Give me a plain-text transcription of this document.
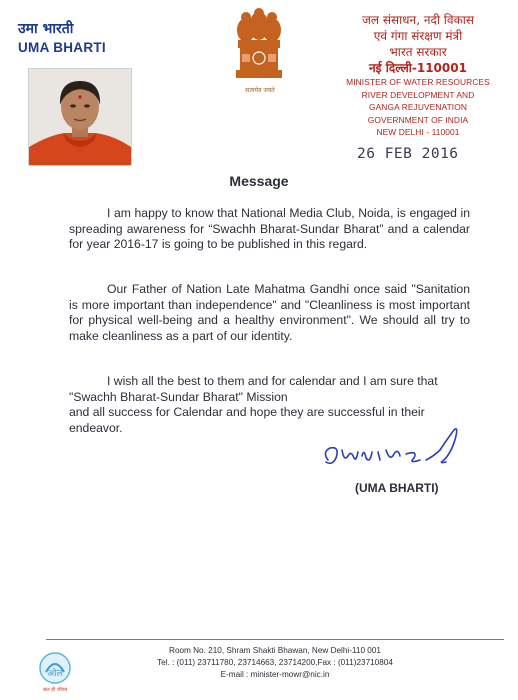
उमा भारती
UMA BHARTI
सत्यमेव जयते
जल संसाधन, नदी विकास
एवं गंगा संरक्षण मंत्री
भारत सरकार
नई दिल्ली-110001
MINISTER OF WATER RESOURCES
RIVER DEVELOPMENT AND
GANGA REJUVENATION
GOVERNMENT OF INDIA
NEW DELHI - 110001
26 FEB 2016
Message
I am happy to know that National Media Club, Noida, is engaged in spreading awareness for “Swachh Bharat-Sundar Bharat” and a calendar for year 2016-17 is going to be published in this regard.
Our Father of Nation Late Mahatma Gandhi once said "Sanitation is more important than independence" and "Cleanliness is most important for physical well-being and a healthy environment". We should all try to make cleanliness as a part of our identity.
I wish all the best to them and for calendar and I am sure that "Swachh Bharat-Sundar Bharat" Mission
and all success for Calendar and hope they are successful in their endeavor.
(UMA BHARTI)
ओल
जल ही जीवन
Room No. 210, Shram Shakti Bhawan, New Delhi-110 001
Tel. : (011) 23711780, 23714663, 23714200,Fax : (011)23710804
E-mail : minister-mowr@nic.in
